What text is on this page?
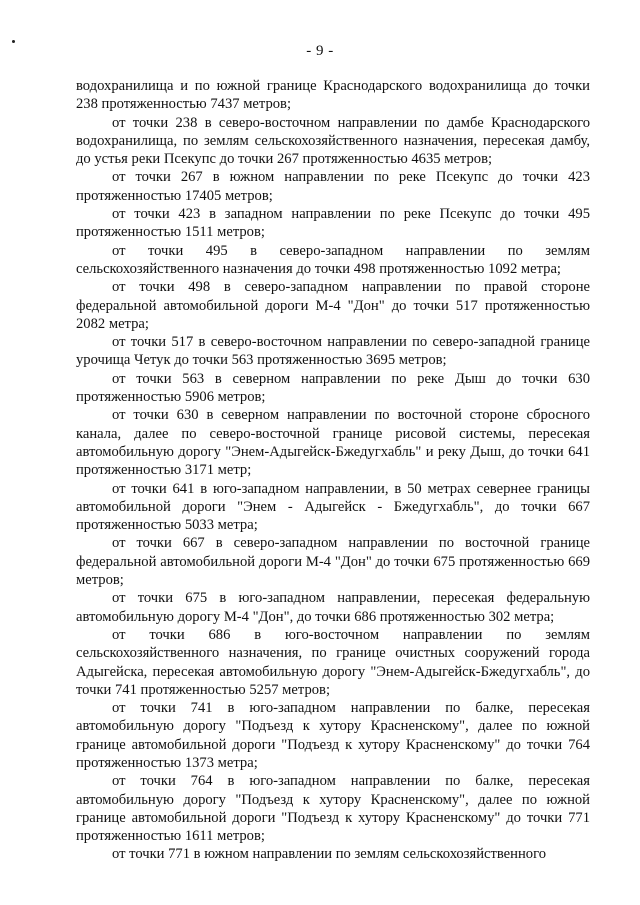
- 9 -

водохранилища и по южной границе Краснодарского водохранилища до точки 238 протяженностью 7437 метров;

от точки 238 в северо-восточном направлении по дамбе Краснодарского водохранилища, по землям сельскохозяйственного назначения, пересекая дамбу, до устья реки Псекупс до точки 267 протяженностью 4635 метров;

от точки 267 в южном направлении по реке Псекупс до точки 423 протяженностью 17405 метров;

от точки 423 в западном направлении по реке Псекупс до точки 495 протяженностью 1511 метров;

от точки 495 в северо-западном направлении по землям сельскохозяйственного назначения до точки 498 протяженностью 1092 метра;

от точки 498 в северо-западном направлении по правой стороне федеральной автомобильной дороги М-4 "Дон" до точки 517 протяженностью 2082 метра;

от точки 517 в северо-восточном направлении по северо-западной границе урочища Четук до точки 563 протяженностью 3695 метров;

от точки 563 в северном направлении по реке Дыш до точки 630 протяженностью 5906 метров;

от точки 630 в северном направлении по восточной стороне сбросного канала, далее по северо-восточной границе рисовой системы, пересекая автомобильную дорогу "Энем-Адыгейск-Бжедугхабль" и реку Дыш, до точки 641 протяженностью 3171 метр;

от точки 641 в юго-западном направлении, в 50 метрах севернее границы автомобильной дороги "Энем - Адыгейск - Бжедугхабль", до точки 667 протяженностью 5033 метра;

от точки 667 в северо-западном направлении по восточной границе федеральной автомобильной дороги М-4 "Дон" до точки 675 протяженностью 669 метров;

от точки 675 в юго-западном направлении, пересекая федеральную автомобильную дорогу М-4 "Дон", до точки 686 протяженностью 302 метра;

от точки 686 в юго-восточном направлении по землям сельскохозяйственного назначения, по границе очистных сооружений города Адыгейска, пересекая автомобильную дорогу "Энем-Адыгейск-Бжедугхабль", до точки 741 протяженностью 5257 метров;

от точки 741 в юго-западном направлении по балке, пересекая автомобильную дорогу "Подъезд к хутору Красненскому", далее по южной границе автомобильной дороги "Подъезд к хутору Красненскому" до точки 764 протяженностью 1373 метра;

от точки 764 в юго-западном направлении по балке, пересекая автомобильную дорогу "Подъезд к хутору Красненскому", далее по южной границе автомобильной дороги "Подъезд к хутору Красненскому" до точки 771 протяженностью 1611 метров;

от точки 771 в южном направлении по землям сельскохозяйственного
